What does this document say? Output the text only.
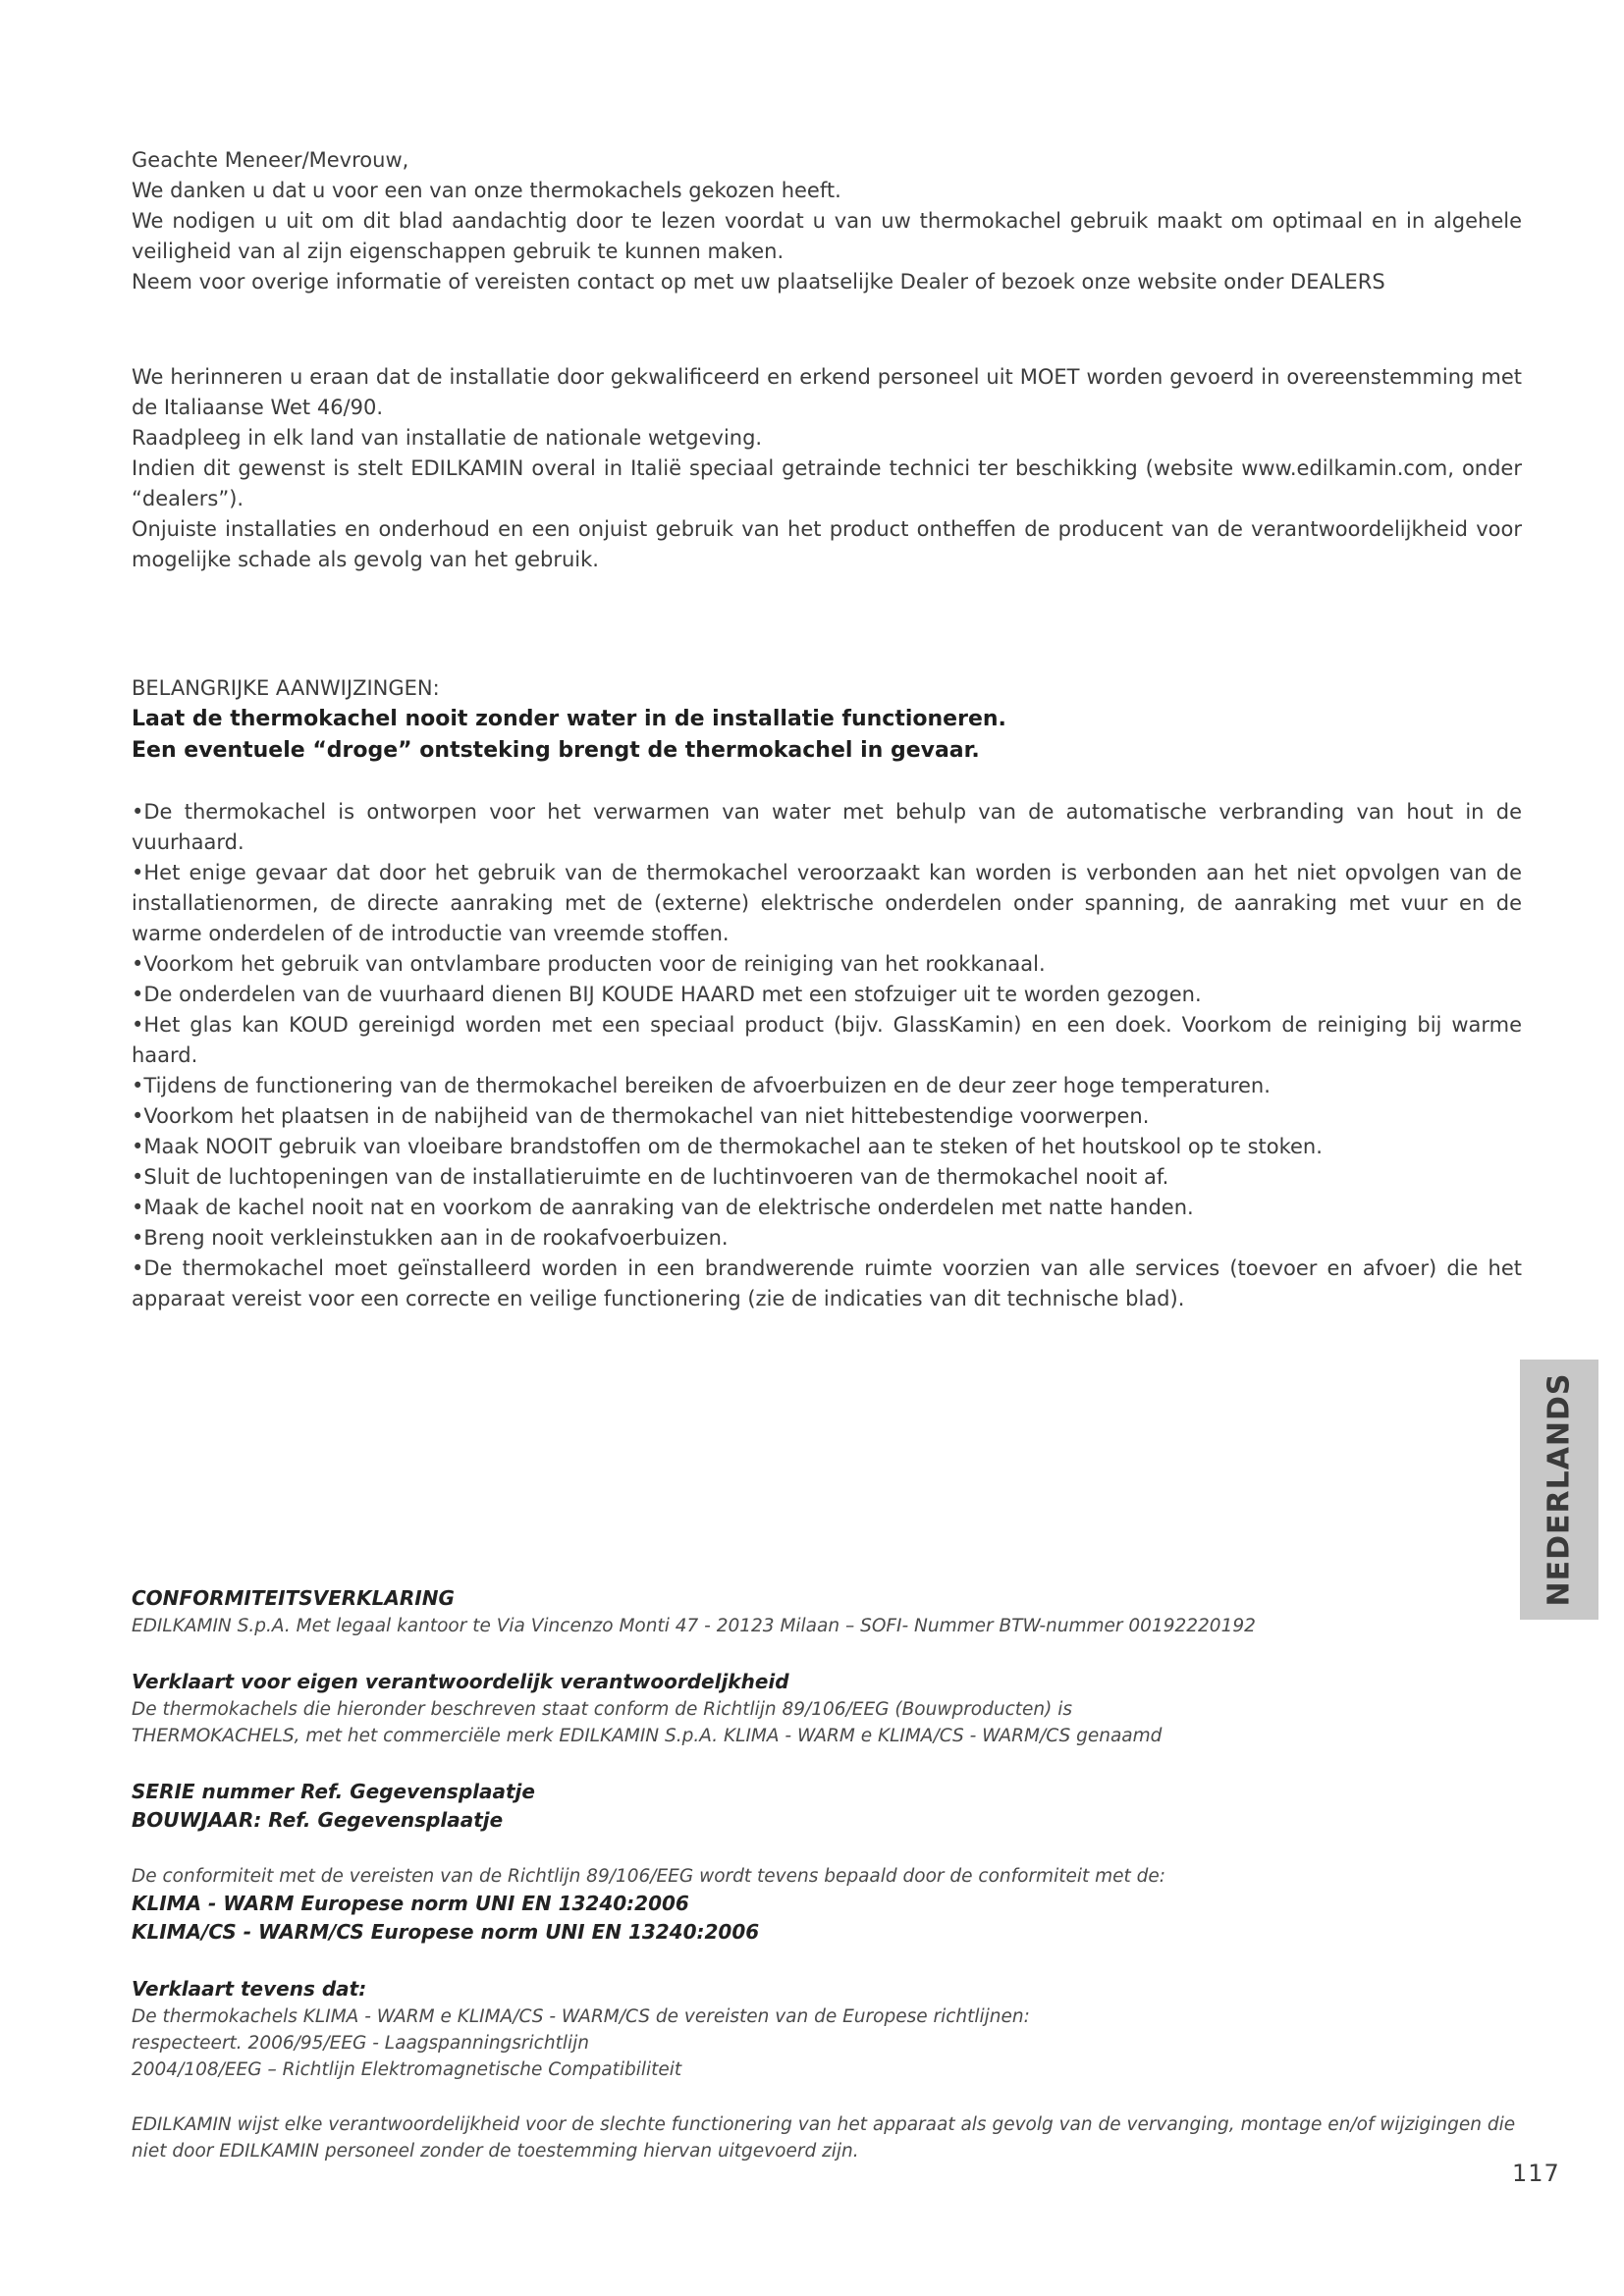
Geachte Meneer/Mevrouw,

We danken u dat u voor een van onze thermokachels gekozen heeft.

We nodigen u uit om dit blad aandachtig door te lezen voordat u van uw thermokachel gebruik maakt om optimaal en in algehele veiligheid van al zijn eigenschappen gebruik te kunnen maken.

Neem voor overige informatie of vereisten contact op met uw plaatselijke Dealer of bezoek onze website onder DEALERS

We herinneren u eraan dat de installatie door gekwalificeerd en erkend personeel uit MOET worden gevoerd in overeenstemming met de Italiaanse Wet 46/90.

Raadpleeg in elk land van installatie de nationale wetgeving.

Indien dit gewenst is stelt EDILKAMIN overal in Italië speciaal getrainde technici ter beschikking (website www.edilkamin.com, onder “dealers”).

Onjuiste installaties en onderhoud en een onjuist gebruik van het product ontheffen de producent van de verantwoordelijkheid voor mogelijke schade als gevolg van het gebruik.

BELANGRIJKE AANWIJZINGEN:

Laat de thermokachel nooit zonder water in de installatie functioneren.

Een eventuele “droge” ontsteking brengt de thermokachel in gevaar.

•De thermokachel is ontworpen voor het verwarmen van water met behulp van de automatische verbranding van hout in de vuurhaard.

•Het enige gevaar dat door het gebruik van de thermokachel veroorzaakt kan worden is verbonden aan het niet opvolgen van de installatienormen, de directe aanraking met de (externe) elektrische onderdelen onder spanning, de aanraking met vuur en de warme onderdelen of de introductie van vreemde stoffen.

•Voorkom het gebruik van ontvlambare producten voor de reiniging van het rookkanaal.

•De onderdelen van de vuurhaard dienen BIJ KOUDE HAARD met een stofzuiger uit te worden gezogen.

•Het glas kan KOUD gereinigd worden met een speciaal product (bijv. GlassKamin) en een doek. Voorkom de reiniging bij warme haard.

•Tijdens de functionering van de thermokachel bereiken de afvoerbuizen en de deur zeer hoge temperaturen.

•Voorkom het plaatsen in de nabijheid van de thermokachel van niet hittebestendige voorwerpen.

•Maak NOOIT gebruik van vloeibare brandstoffen om de thermokachel aan te steken of het houtskool op te stoken.

•Sluit de luchtopeningen van de installatieruimte en de luchtinvoeren van de thermokachel nooit af.

•Maak de kachel nooit nat en voorkom de aanraking van de elektrische onderdelen met natte handen.

•Breng nooit verkleinstukken aan in de rookafvoerbuizen.

•De thermokachel moet geïnstalleerd worden in een brandwerende ruimte voorzien van alle services (toevoer en afvoer) die het apparaat vereist voor een correcte en veilige functionering (zie de indicaties van dit technische blad).

NEDERLANDS

CONFORMITEITSVERKLARING

EDILKAMIN S.p.A. Met legaal kantoor te Via Vincenzo Monti 47 - 20123 Milaan – SOFI- Nummer BTW-nummer 00192220192

Verklaart voor eigen verantwoordelijk verantwoordeljkheid

De thermokachels die hieronder beschreven staat conform de Richtlijn 89/106/EEG (Bouwproducten) is

THERMOKACHELS, met het commerciële merk EDILKAMIN S.p.A. KLIMA - WARM e KLIMA/CS - WARM/CS genaamd

SERIE nummer Ref. Gegevensplaatje

BOUWJAAR: Ref. Gegevensplaatje

De conformiteit met de vereisten van de Richtlijn 89/106/EEG wordt tevens bepaald door de conformiteit met de:

KLIMA - WARM Europese norm UNI EN 13240:2006

KLIMA/CS - WARM/CS Europese norm UNI EN 13240:2006

Verklaart tevens dat:

De thermokachels KLIMA - WARM e KLIMA/CS - WARM/CS de vereisten van de Europese richtlijnen:

respecteert. 2006/95/EEG - Laagspanningsrichtlijn

2004/108/EEG – Richtlijn Elektromagnetische Compatibiliteit

EDILKAMIN wijst elke verantwoordelijkheid voor de slechte functionering van het apparaat als gevolg van de vervanging, montage en/of wijzigingen die niet door EDILKAMIN personeel zonder de toestemming hiervan uitgevoerd zijn.

117
